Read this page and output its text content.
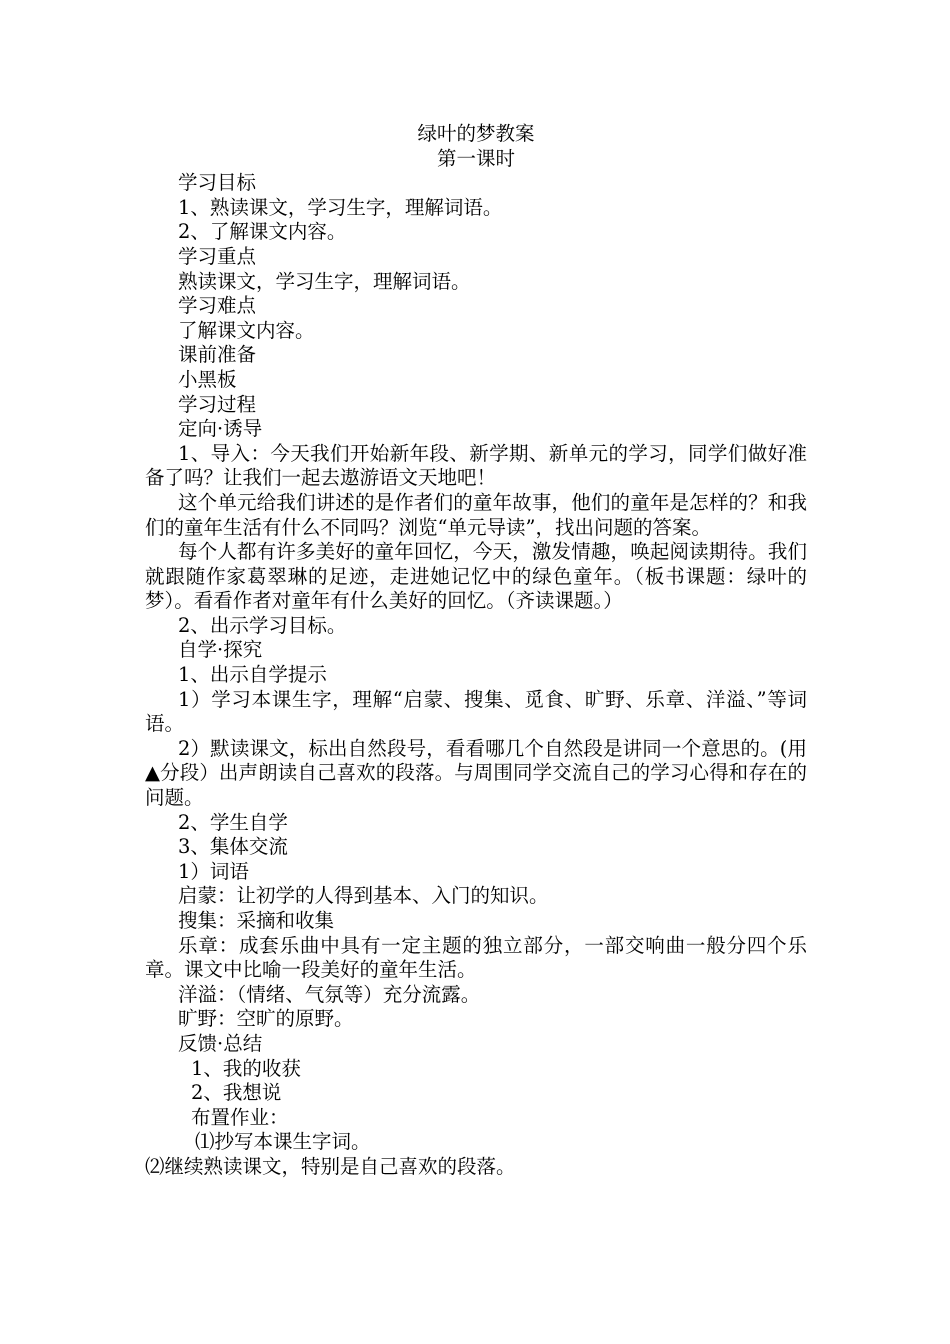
绿叶的梦教案
第一课时
学习目标
1、熟读课文，学习生字，理解词语。
2、了解课文内容。
学习重点
熟读课文，学习生字，理解词语。
学习难点
了解课文内容。
课前准备
小黑板
学习过程
定向·诱导
1、导入：今天我们开始新年段、新学期、新单元的学习，同学们做好准备了吗？让我们一起去遨游语文天地吧！
这个单元给我们讲述的是作者们的童年故事，他们的童年是怎样的？和我们的童年生活有什么不同吗？浏览“单元导读”，找出问题的答案。
每个人都有许多美好的童年回忆，今天，激发情趣，唤起阅读期待。我们就跟随作家葛翠琳的足迹，走进她记忆中的绿色童年。（板书课题：绿叶的梦）。看看作者对童年有什么美好的回忆。（齐读课题。）
2、出示学习目标。
自学·探究
1、出示自学提示
1）学习本课生字，理解“启蒙、搜集、觅食、旷野、乐章、洋溢、”等词语。
2）默读课文，标出自然段号，看看哪几个自然段是讲同一个意思的。(用▲分段）出声朗读自己喜欢的段落。与周围同学交流自己的学习心得和存在的问题。
2、学生自学
3、集体交流
1）词语
启蒙：让初学的人得到基本、入门的知识。
搜集：采摘和收集
乐章：成套乐曲中具有一定主题的独立部分，一部交响曲一般分四个乐章。课文中比喻一段美好的童年生活。
洋溢：（情绪、气氛等）充分流露。
旷野：空旷的原野。
反馈·总结
1、我的收获
2、我想说
布置作业：
⑴抄写本课生字词。
⑵继续熟读课文，特别是自己喜欢的段落。
